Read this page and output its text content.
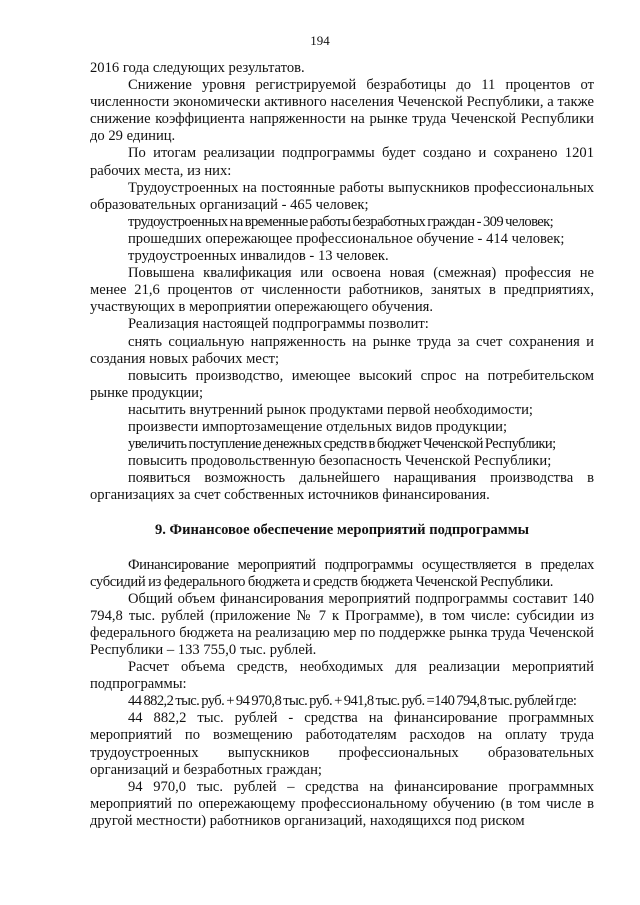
194

2016 года следующих результатов.

Снижение уровня регистрируемой безработицы до 11 процентов от численности экономически активного населения Чеченской Республики, а также снижение коэффициента напряженности на рынке труда Чеченской Республики до 29 единиц.

По итогам реализации подпрограммы будет создано и сохранено 1201 рабочих места, из них:

Трудоустроенных на постоянные работы выпускников профессиональных образовательных организаций - 465 человек;

трудоустроенных на временные работы безработных граждан - 309 человек;

прошедших опережающее профессиональное обучение - 414 человек;

трудоустроенных инвалидов - 13 человек.

Повышена квалификация или освоена новая (смежная) профессия не менее 21,6 процентов от численности работников, занятых в предприятиях, участвующих в мероприятии опережающего обучения.

Реализация настоящей подпрограммы позволит:

снять социальную напряженность на рынке труда за счет сохранения и создания новых рабочих мест;

повысить производство, имеющее высокий спрос на потребительском рынке продукции;

насытить внутренний рынок продуктами первой необходимости;

произвести импортозамещение отдельных видов продукции;

увеличить поступление денежных средств в бюджет Чеченской Республики;

повысить продовольственную безопасность Чеченской Республики;

появиться возможность дальнейшего наращивания производства в организациях за счет собственных источников финансирования.

9. Финансовое обеспечение мероприятий подпрограммы

Финансирование мероприятий подпрограммы осуществляется в пределах субсидий из федерального бюджета и средств бюджета Чеченской Республики.

Общий объем финансирования мероприятий подпрограммы составит 140 794,8 тыс. рублей (приложение № 7 к Программе), в том числе: субсидии из федерального бюджета на реализацию мер по поддержке рынка труда Чеченской Республики – 133 755,0 тыс. рублей.

Расчет объема средств, необходимых для реализации мероприятий подпрограммы:

44 882,2 тыс. руб. + 94 970,8 тыс. руб. + 941,8 тыс. руб. =140 794,8 тыс. рублей где:

44 882,2 тыс. рублей - средства на финансирование программных мероприятий по возмещению работодателям расходов на оплату труда трудоустроенных выпускников профессиональных образовательных организаций и безработных граждан;

94 970,0 тыс. рублей – средства на финансирование программных мероприятий по опережающему профессиональному обучению (в том числе в другой местности) работников организаций, находящихся под риском
